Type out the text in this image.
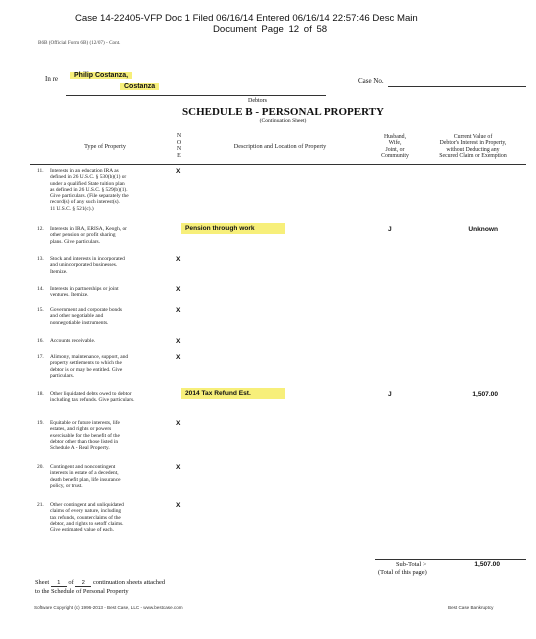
Case 14-22405-VFP Doc 1 Filed 06/16/14 Entered 06/16/14 22:57:46 Desc Main
Document Page 12 of 58
B6B (Official Form 6B) (12/07) - Cont.
In re	Philip Costanza,
Costanza
Debtors
Case No.
SCHEDULE B - PERSONAL PROPERTY
(Continuation Sheet)
Type of Property
N
O
N
E
Description and Location of Property
Husband,
Wife,
Joint, or
Community
Current Value of
Debtor's Interest in Property,
without Deducting any
Secured Claim or Exemption
11. Interests in an education IRA as
defined in 26 U.S.C. § 530(b)(1) or
under a qualified State tuition plan
as defined in 26 U.S.C. § 529(b)(1).
Give particulars. (File separately the
record(s) of any such interest(s).
11 U.S.C. § 521(c).)
X
12. Interests in IRA, ERISA, Keogh, or
other pension or profit sharing
plans. Give particulars.
Pension through work	J	Unknown
13. Stock and interests in incorporated
and unincorporated businesses.
Itemize.
X
14. Interests in partnerships or joint
ventures. Itemize.
X
15. Government and corporate bonds
and other negotiable and
nonnegotiable instruments.
X
16. Accounts receivable.	X
17. Alimony, maintenance, support, and
property settlements to which the
debtor is or may be entitled. Give
particulars.
X
18. Other liquidated debts owed to debtor
including tax refunds. Give particulars.
2014 Tax Refund Est.	J	1,507.00
19. Equitable or future interests, life
estates, and rights or powers
exercisable for the benefit of the
debtor other than those listed in
Schedule A - Real Property.
X
20. Contingent and noncontingent
interests in estate of a decedent,
death benefit plan, life insurance
policy, or trust.
X
21. Other contingent and unliquidated
claims of every nature, including
tax refunds, counterclaims of the
debtor, and rights to setoff claims.
Give estimated value of each.
X
Sub-Total >	1,507.00
(Total of this page)
Sheet 1 of 2 continuation sheets attached
to the Schedule of Personal Property
Software Copyright (c) 1996-2013 - Best Case, LLC - www.bestcase.com	Best Case Bankruptcy
